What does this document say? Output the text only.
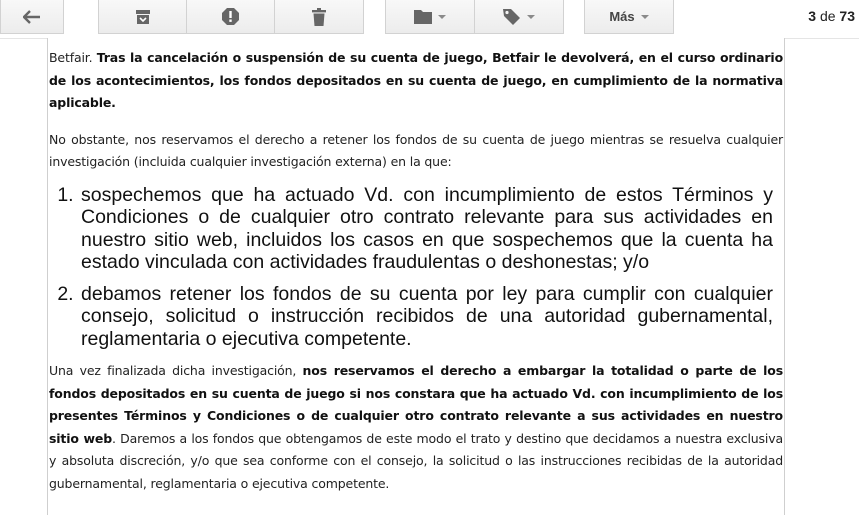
Más	3 de 73

Betfair. Tras la cancelación o suspensión de su cuenta de juego, Betfair le devolverá, en el curso ordinario de los acontecimientos, los fondos depositados en su cuenta de juego, en cumplimiento de la normativa aplicable.

No obstante, nos reservamos el derecho a retener los fondos de su cuenta de juego mientras se resuelva cualquier investigación (incluida cualquier investigación externa) en la que:

1. sospechemos que ha actuado Vd. con incumplimiento de estos Términos y Condiciones o de cualquier otro contrato relevante para sus actividades en nuestro sitio web, incluidos los casos en que sospechemos que la cuenta ha estado vinculada con actividades fraudulentas o deshonestas; y/o
2. debamos retener los fondos de su cuenta por ley para cumplir con cualquier consejo, solicitud o instrucción recibidos de una autoridad gubernamental, reglamentaria o ejecutiva competente.

Una vez finalizada dicha investigación, nos reservamos el derecho a embargar la totalidad o parte de los fondos depositados en su cuenta de juego si nos constara que ha actuado Vd. con incumplimiento de los presentes Términos y Condiciones o de cualquier otro contrato relevante a sus actividades en nuestro sitio web. Daremos a los fondos que obtengamos de este modo el trato y destino que decidamos a nuestra exclusiva y absoluta discreción, y/o que sea conforme con el consejo, la solicitud o las instrucciones recibidas de la autoridad gubernamental, reglamentaria o ejecutiva competente.
